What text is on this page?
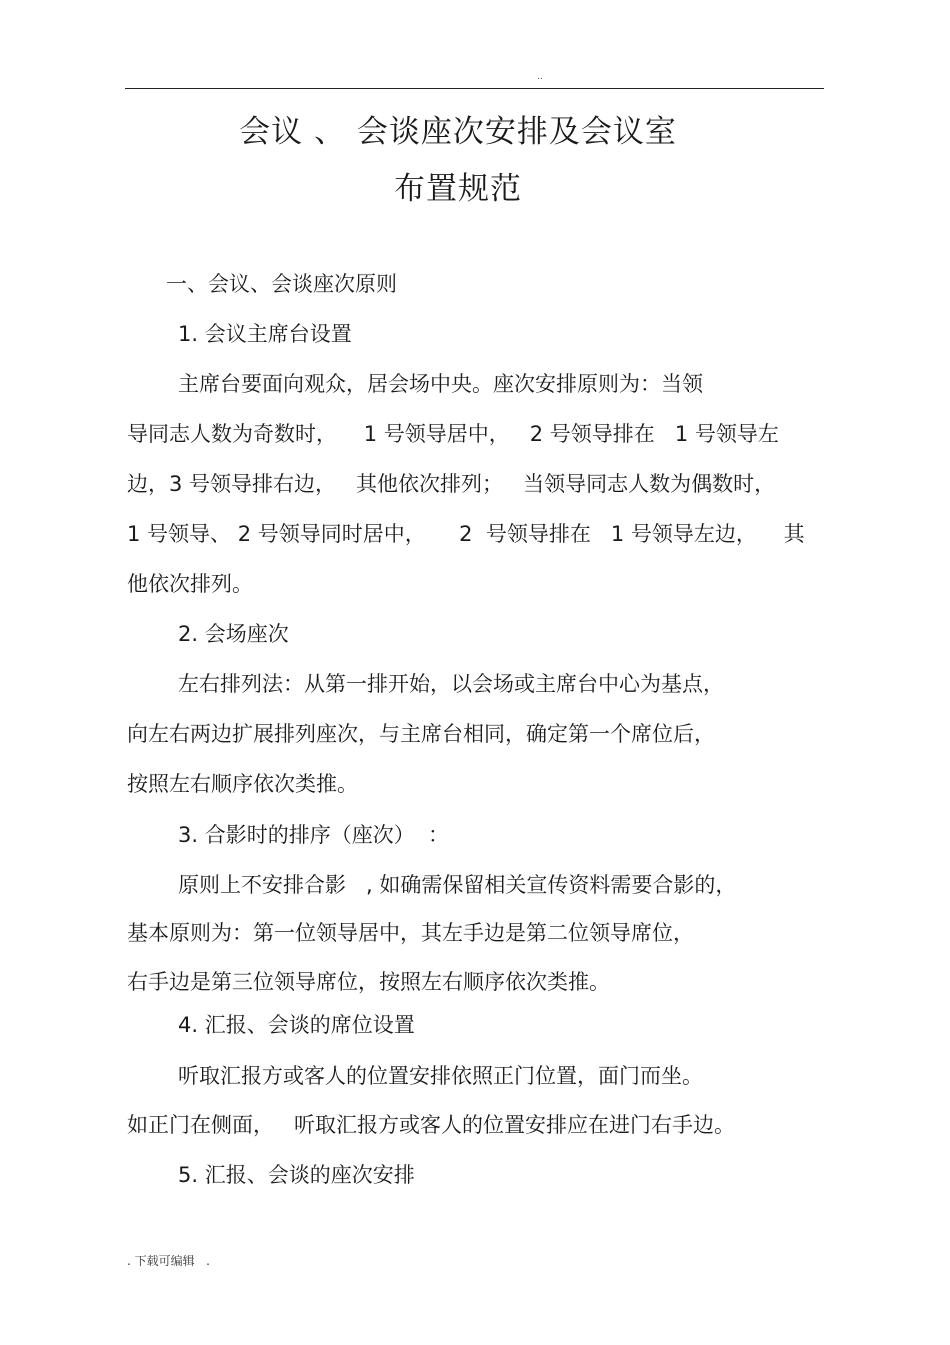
..
会议 、 会谈座次安排及会议室
布置规范
一、会议、会谈座次原则
1. 会议主席台设置
主席台要面向观众，居会场中央。座次安排原则为：当领
导同志人数为奇数时，    1 号领导居中，   2 号领导排在   1 号领导左
边，3 号领导排右边，   其他依次排列；   当领导同志人数为偶数时，
1 号领导、 2 号领导同时居中，     2  号领导排在   1 号领导左边，    其
他依次排列。
2. 会场座次
左右排列法：从第一排开始，以会场或主席台中心为基点，
向左右两边扩展排列座次，与主席台相同，确定第一个席位后，
按照左右顺序依次类推。
3. 合影时的排序（座次）  ：
原则上不安排合影   , 如确需保留相关宣传资料需要合影的，
基本原则为：第一位领导居中，其左手边是第二位领导席位，
右手边是第三位领导席位，按照左右顺序依次类推。
4. 汇报、会谈的席位设置
听取汇报方或客人的位置安排依照正门位置，面门而坐。
如正门在侧面，   听取汇报方或客人的位置安排应在进门右手边。
5. 汇报、会谈的座次安排
. 下载可编辑   .
